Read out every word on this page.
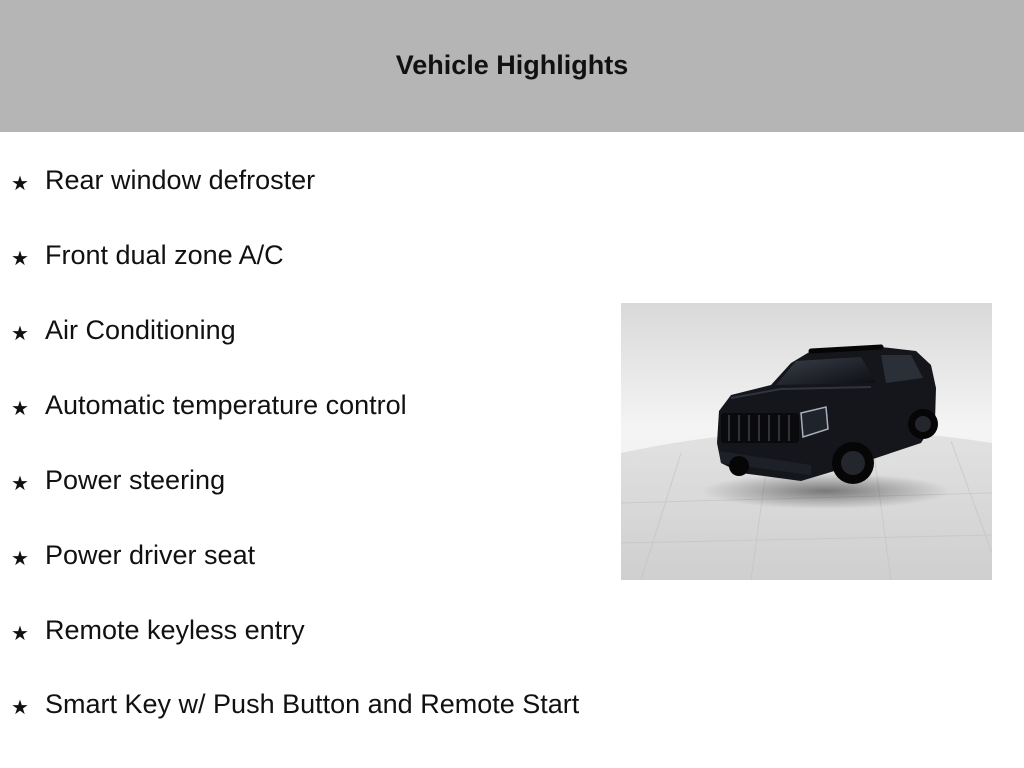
Vehicle Highlights
★ Rear window defroster
★ Front dual zone A/C
★ Air Conditioning
★ Automatic temperature control
★ Power steering
★ Power driver seat
★ Remote keyless entry
★ Smart Key w/ Push Button and Remote Start
